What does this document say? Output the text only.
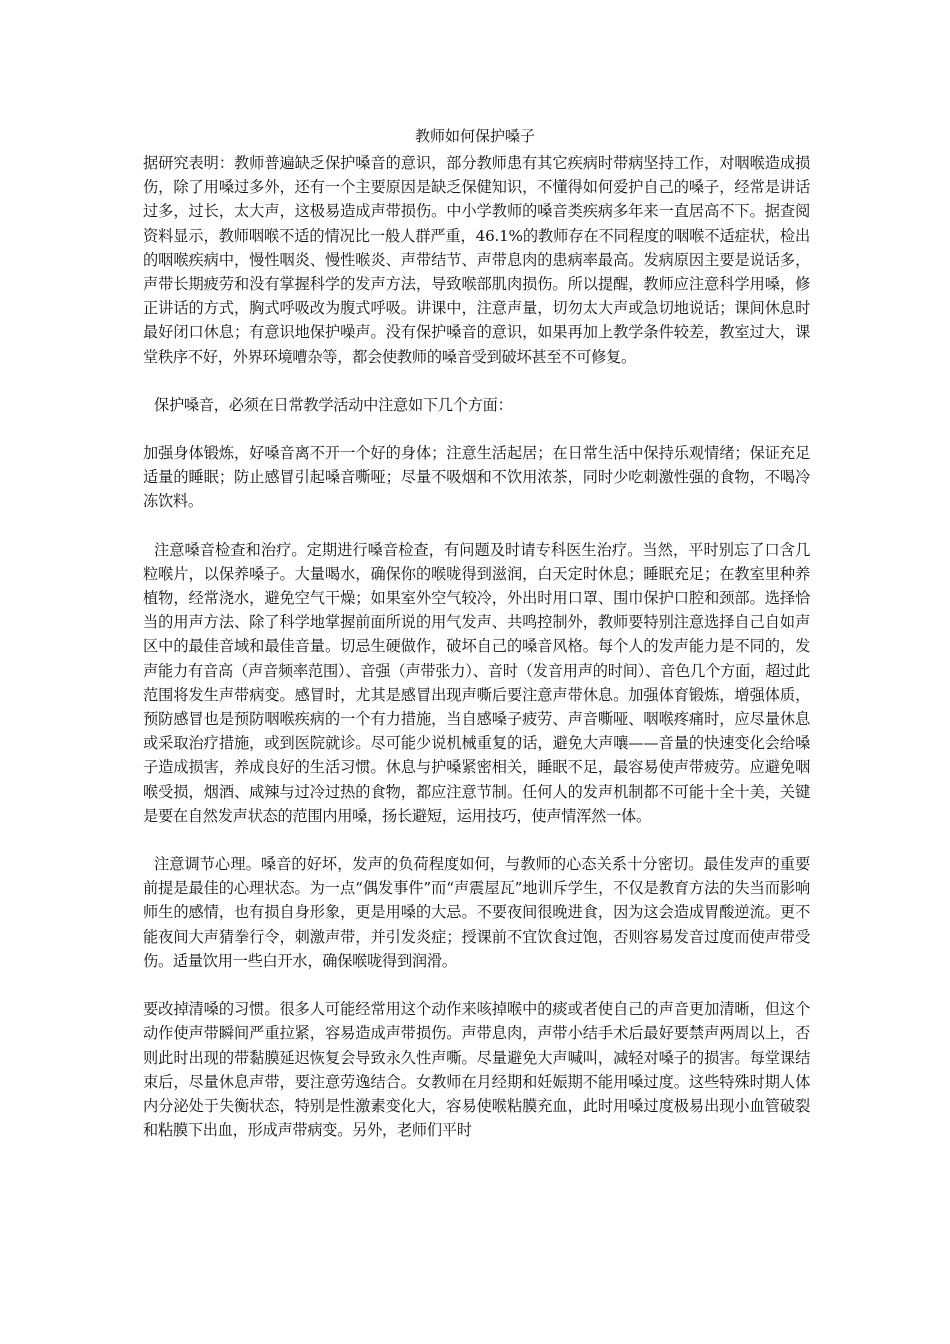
教师如何保护嗓子

据研究表明：教师普遍缺乏保护嗓音的意识，部分教师患有其它疾病时带病坚持工作，对咽喉造成损伤，除了用嗓过多外，还有一个主要原因是缺乏保健知识，不懂得如何爱护自己的嗓子，经常是讲话过多，过长，太大声，这极易造成声带损伤。中小学教师的嗓音类疾病多年来一直居高不下。据查阅资料显示，教师咽喉不适的情况比一般人群严重，46.1%的教师存在不同程度的咽喉不适症状，检出的咽喉疾病中，慢性咽炎、慢性喉炎、声带结节、声带息肉的患病率最高。发病原因主要是说话多，声带长期疲劳和没有掌握科学的发声方法，导致喉部肌肉损伤。所以提醒，教师应注意科学用嗓，修正讲话的方式，胸式呼吸改为腹式呼吸。讲课中，注意声量，切勿太大声或急切地说话；课间休息时最好闭口休息；有意识地保护噪声。没有保护嗓音的意识，如果再加上教学条件较差，教室过大，课堂秩序不好，外界环境嘈杂等，都会使教师的嗓音受到破坏甚至不可修复。

保护嗓音，必须在日常教学活动中注意如下几个方面：

加强身体锻炼，好嗓音离不开一个好的身体；注意生活起居；在日常生活中保持乐观情绪；保证充足适量的睡眠；防止感冒引起嗓音嘶哑；尽量不吸烟和不饮用浓茶，同时少吃刺激性强的食物，不喝冷冻饮料。

注意嗓音检查和治疗。定期进行嗓音检查，有问题及时请专科医生治疗。当然，平时别忘了口含几粒喉片，以保养嗓子。大量喝水，确保你的喉咙得到滋润，白天定时休息；睡眠充足；在教室里种养植物，经常浇水，避免空气干燥；如果室外空气较冷，外出时用口罩、围巾保护口腔和颈部。选择恰当的用声方法、除了科学地掌握前面所说的用气发声、共鸣控制外，教师要特别注意选择自己自如声区中的最佳音域和最佳音量。切忌生硬做作，破坏自己的嗓音风格。每个人的发声能力是不同的，发声能力有音高（声音频率范围）、音强（声带张力）、音时（发音用声的时间）、音色几个方面，超过此范围将发生声带病变。感冒时，尤其是感冒出现声嘶后要注意声带休息。加强体育锻炼，增强体质，预防感冒也是预防咽喉疾病的一个有力措施，当自感嗓子疲劳、声音嘶哑、咽喉疼痛时，应尽量休息或采取治疗措施，或到医院就诊。尽可能少说机械重复的话，避免大声嚷——音量的快速变化会给嗓子造成损害，养成良好的生活习惯。休息与护嗓紧密相关，睡眠不足，最容易使声带疲劳。应避免咽喉受损，烟酒、咸辣与过冷过热的食物，都应注意节制。任何人的发声机制都不可能十全十美，关键是要在自然发声状态的范围内用嗓，扬长避短，运用技巧，使声情浑然一体。

注意调节心理。嗓音的好坏，发声的负荷程度如何，与教师的心态关系十分密切。最佳发声的重要前提是最佳的心理状态。为一点“偶发事件”而“声震屋瓦”地训斥学生，不仅是教育方法的失当而影响师生的感情，也有损自身形象，更是用嗓的大忌。不要夜间很晚进食，因为这会造成胃酸逆流。更不能夜间大声猜拳行令，刺激声带，并引发炎症；授课前不宜饮食过饱，否则容易发音过度而使声带受伤。适量饮用一些白开水，确保喉咙得到润滑。

要改掉清嗓的习惯。很多人可能经常用这个动作来咳掉喉中的痰或者使自己的声音更加清晰，但这个动作使声带瞬间严重拉紧，容易造成声带损伤。声带息肉，声带小结手术后最好要禁声两周以上，否则此时出现的带黏膜延迟恢复会导致永久性声嘶。尽量避免大声喊叫，减轻对嗓子的损害。每堂课结束后，尽量休息声带，要注意劳逸结合。女教师在月经期和妊娠期不能用嗓过度。这些特殊时期人体内分泌处于失衡状态，特别是性激素变化大，容易使喉粘膜充血，此时用嗓过度极易出现小血管破裂和粘膜下出血，形成声带病变。另外，老师们平时
